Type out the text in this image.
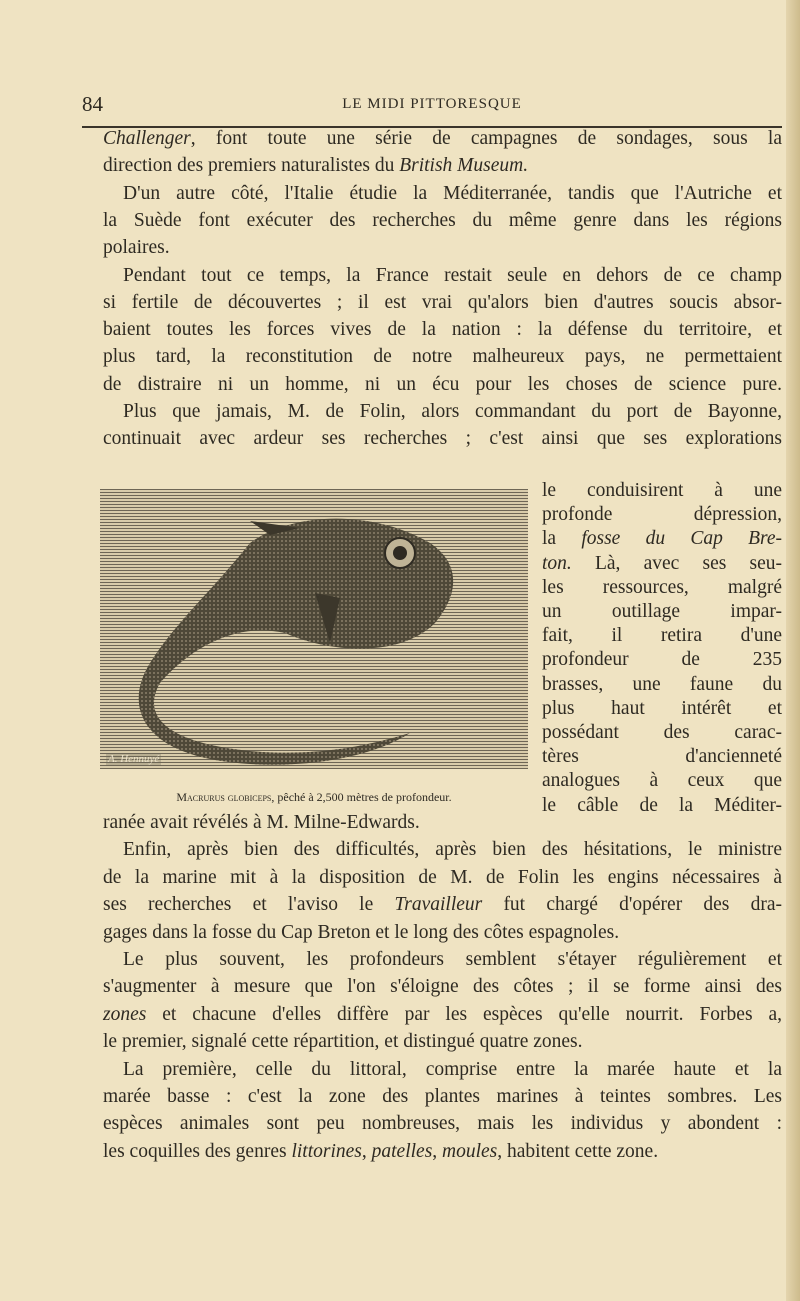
84	LE MIDI PITTORESQUE
A. Hennuyé
Macrurus globiceps, pêché à 2,500 mètres de profondeur.
Challenger, font toute une série de campagnes de sondages, sous la
direction des premiers naturalistes du British Museum.
D'un autre côté, l'Italie étudie la Méditerranée, tandis que l'Autriche et
la Suède font exécuter des recherches du même genre dans les régions
polaires.
Pendant tout ce temps, la France restait seule en dehors de ce champ
si fertile de découvertes ; il est vrai qu'alors bien d'autres soucis absor-
baient toutes les forces vives de la nation : la défense du territoire, et
plus tard, la reconstitution de notre malheureux pays, ne permettaient
de distraire ni un homme, ni un écu pour les choses de science pure.
Plus que jamais, M. de Folin, alors commandant du port de Bayonne,
continuait avec ardeur ses recherches ; c'est ainsi que ses explorations
le conduisirent à une
profonde dépression,
la fosse du Cap Bre-
ton. Là, avec ses seu-
les ressources, malgré
un outillage impar-
fait, il retira d'une
profondeur de 235
brasses, une faune du
plus haut intérêt et
possédant des carac-
tères d'ancienneté
analogues à ceux que
le câble de la Méditer-
ranée avait révélés à M. Milne-Edwards.
Enfin, après bien des difficultés, après bien des hésitations, le ministre
de la marine mit à la disposition de M. de Folin les engins nécessaires à
ses recherches et l'aviso le Travailleur fut chargé d'opérer des dra-
gages dans la fosse du Cap Breton et le long des côtes espagnoles.
Le plus souvent, les profondeurs semblent s'étayer régulièrement et
s'augmenter à mesure que l'on s'éloigne des côtes ; il se forme ainsi des
zones et chacune d'elles diffère par les espèces qu'elle nourrit. Forbes a,
le premier, signalé cette répartition, et distingué quatre zones.
La première, celle du littoral, comprise entre la marée haute et la
marée basse : c'est la zone des plantes marines à teintes sombres. Les
espèces animales sont peu nombreuses, mais les individus y abondent :
les coquilles des genres littorines, patelles, moules, habitent cette zone.
